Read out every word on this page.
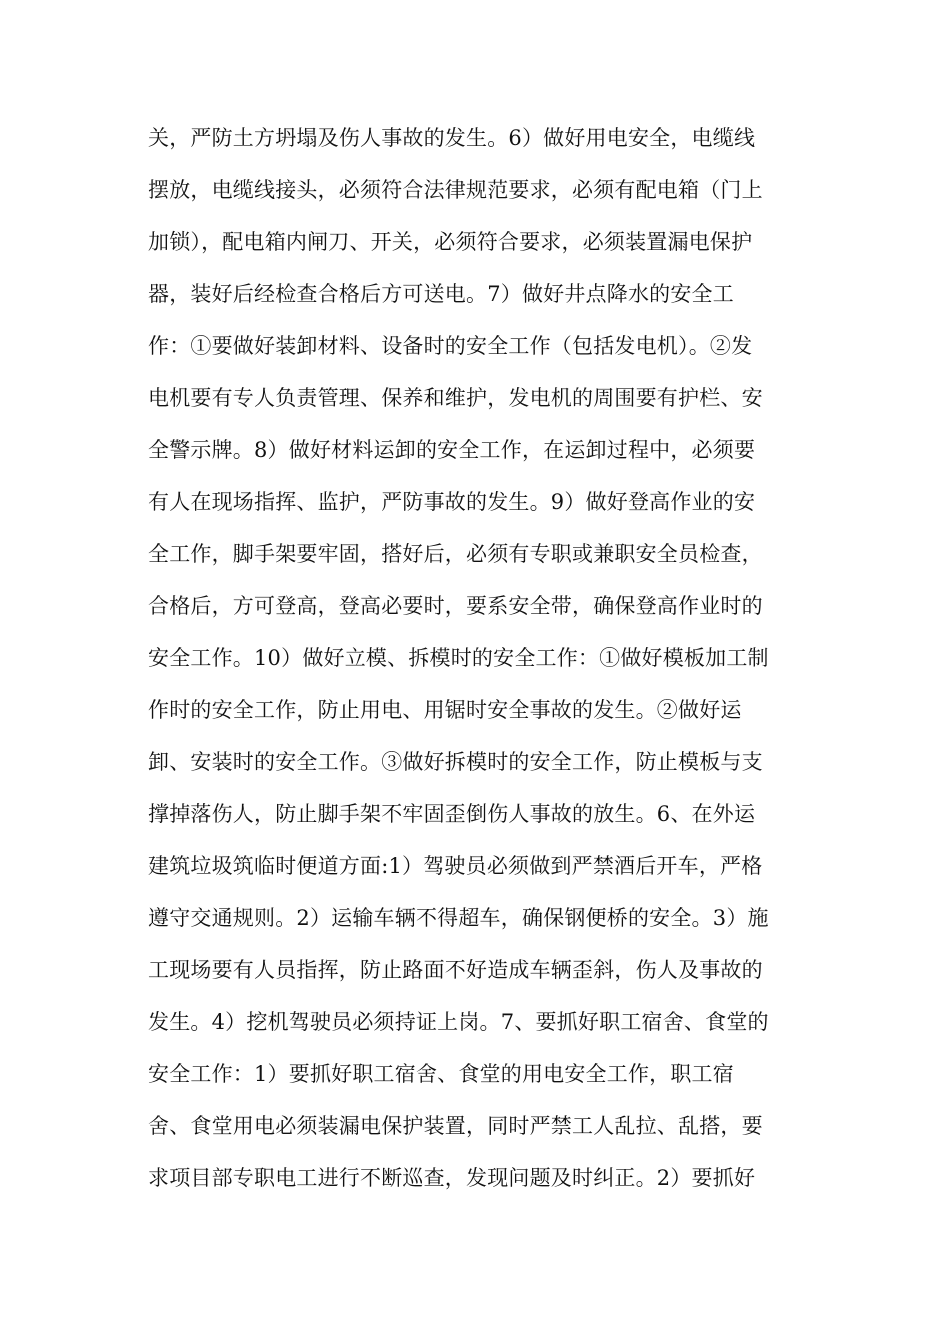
关，严防土方坍塌及伤人事故的发生。6）做好用电安全，电缆线
摆放，电缆线接头，必须符合法律规范要求，必须有配电箱（门上
加锁），配电箱内闸刀、开关，必须符合要求，必须装置漏电保护
器，装好后经检查合格后方可送电。7）做好井点降水的安全工
作：①要做好装卸材料、设备时的安全工作（包括发电机）。②发
电机要有专人负责管理、保养和维护，发电机的周围要有护栏、安
全警示牌。8）做好材料运卸的安全工作，在运卸过程中，必须要
有人在现场指挥、监护，严防事故的发生。9）做好登高作业的安
全工作，脚手架要牢固，搭好后，必须有专职或兼职安全员检查，
合格后，方可登高，登高必要时，要系安全带，确保登高作业时的
安全工作。10）做好立模、拆模时的安全工作：①做好模板加工制
作时的安全工作，防止用电、用锯时安全事故的发生。②做好运
卸、安装时的安全工作。③做好拆模时的安全工作，防止模板与支
撑掉落伤人，防止脚手架不牢固歪倒伤人事故的放生。6、在外运
建筑垃圾筑临时便道方面:1）驾驶员必须做到严禁酒后开车，严格
遵守交通规则。2）运输车辆不得超车，确保钢便桥的安全。3）施
工现场要有人员指挥，防止路面不好造成车辆歪斜，伤人及事故的
发生。4）挖机驾驶员必须持证上岗。7、要抓好职工宿舍、食堂的
安全工作：1）要抓好职工宿舍、食堂的用电安全工作，职工宿
舍、食堂用电必须装漏电保护装置，同时严禁工人乱拉、乱搭，要
求项目部专职电工进行不断巡查，发现问题及时纠正。2）要抓好
